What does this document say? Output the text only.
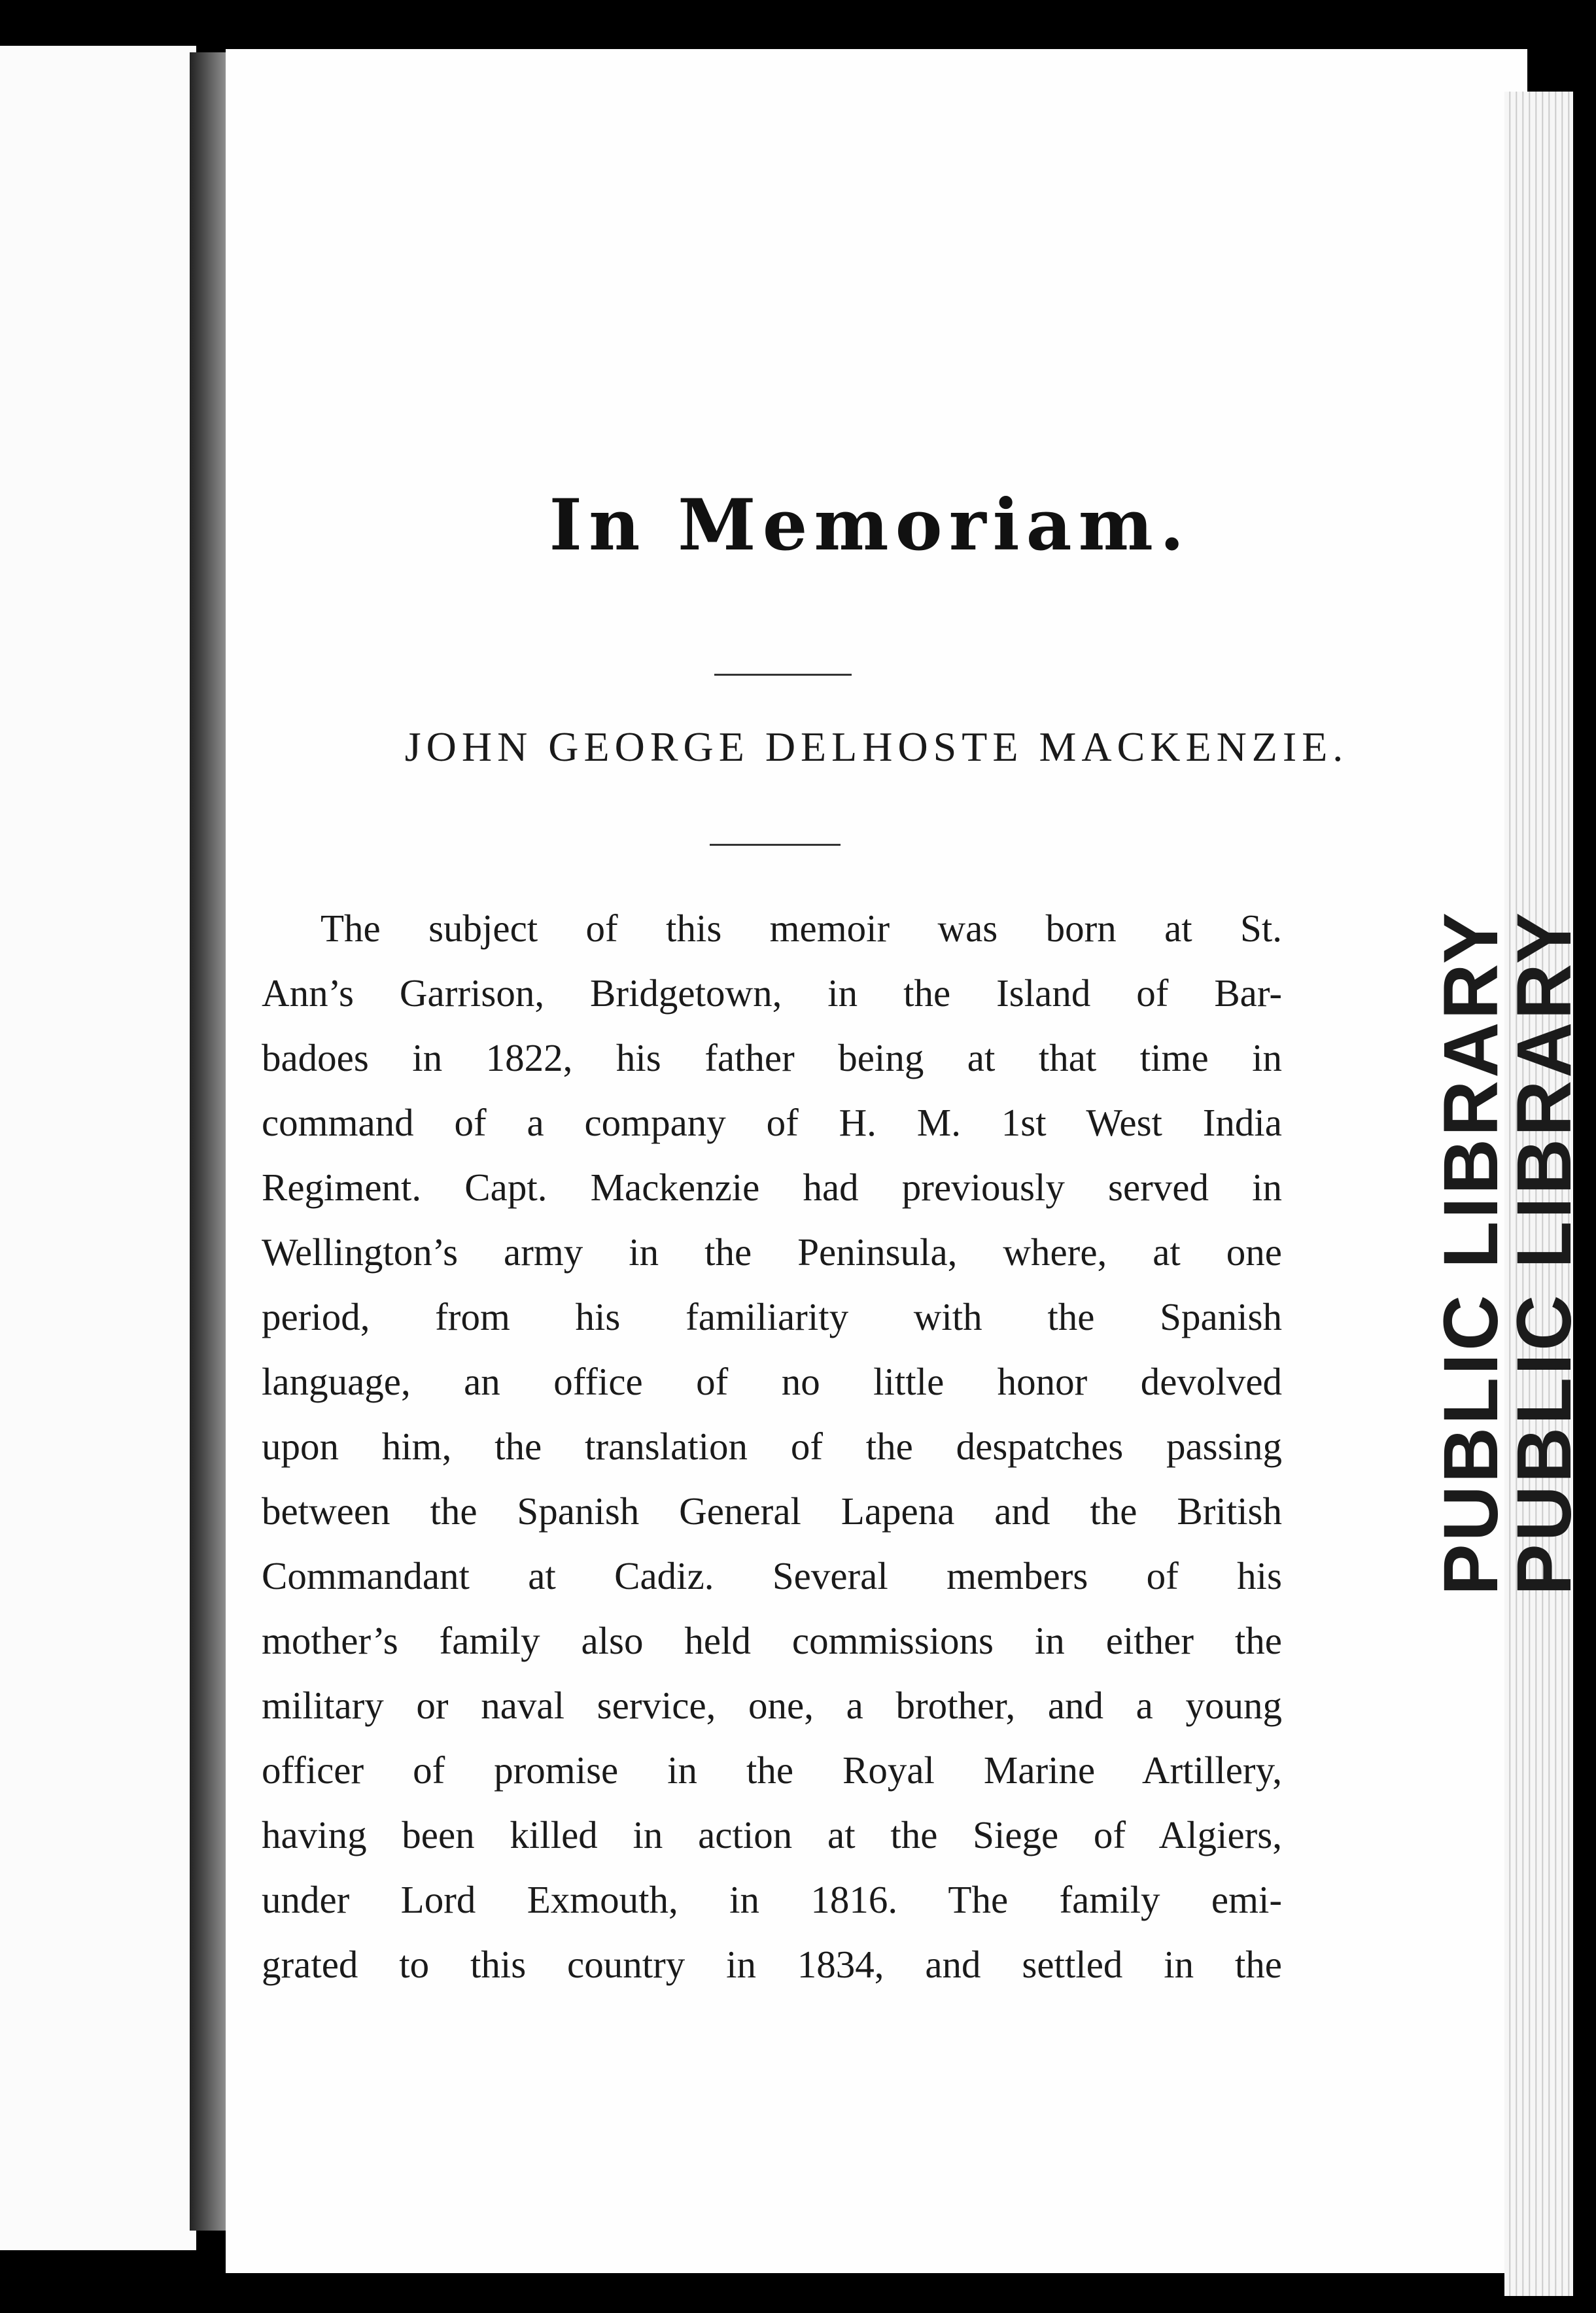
In Memoriam.
JOHN GEORGE DELHOSTE MACKENZIE.
The subject of this memoir was born at St.
Ann’s Garrison, Bridgetown, in the Island of Bar-
badoes in 1822, his father being at that time in
command of a company of H. M. 1st West India
Regiment. Capt. Mackenzie had previously served in
Wellington’s army in the Peninsula, where, at one
period, from his familiarity with the Spanish
language, an office of no little honor devolved
upon him, the translation of the despatches passing
between the Spanish General Lapena and the British
Commandant at Cadiz. Several members of his
mother’s family also held commissions in either the
military or naval service, one, a brother, and a young
officer of promise in the Royal Marine Artillery,
having been killed in action at the Siege of Algiers,
under Lord Exmouth, in 1816. The family emi-
grated to this country in 1834, and settled in the
PUBLIC LIBRARY
PUBLIC LIBRARY
